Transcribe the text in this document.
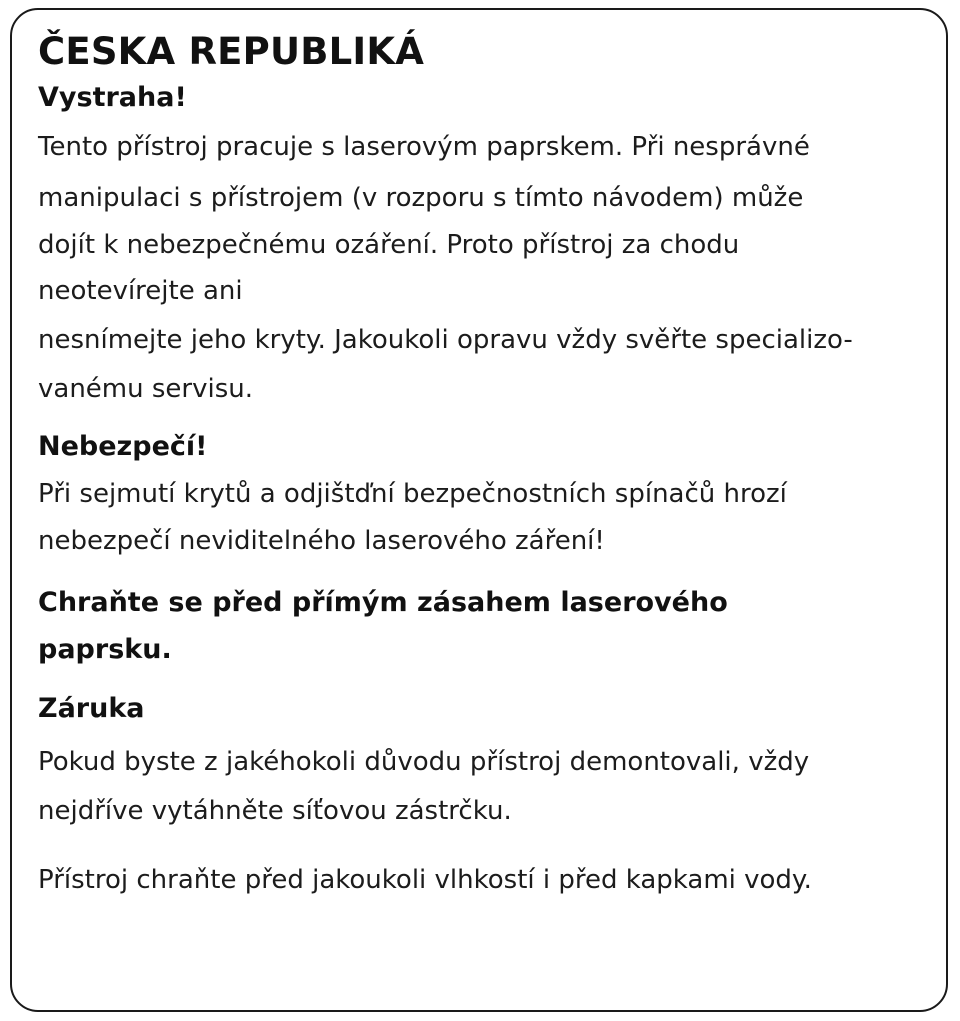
ČESKA REPUBLIKÁ
Vystraha!

Tento přístroj pracuje s laserovým paprskem. Při nesprávné

manipulaci s přístrojem (v rozporu s tímto návodem) může

dojít k nebezpečnému ozáření. Proto přístroj za chodu

neotevírejte ani

nesnímejte jeho kryty. Jakoukoli opravu vždy svěřte specializo-

vanému servisu.

Nebezpečí!

Při sejmutí krytů a odjištďní bezpečnostních spínačů hrozí

nebezpečí neviditelného laserového záření!

Chraňte se před přímým zásahem laserového

paprsku.

Záruka

Pokud byste z jakéhokoli důvodu přístroj demontovali, vždy

nejdříve vytáhněte síťovou zástrčku.

Přístroj chraňte před jakoukoli vlhkostí i před kapkami vody.
